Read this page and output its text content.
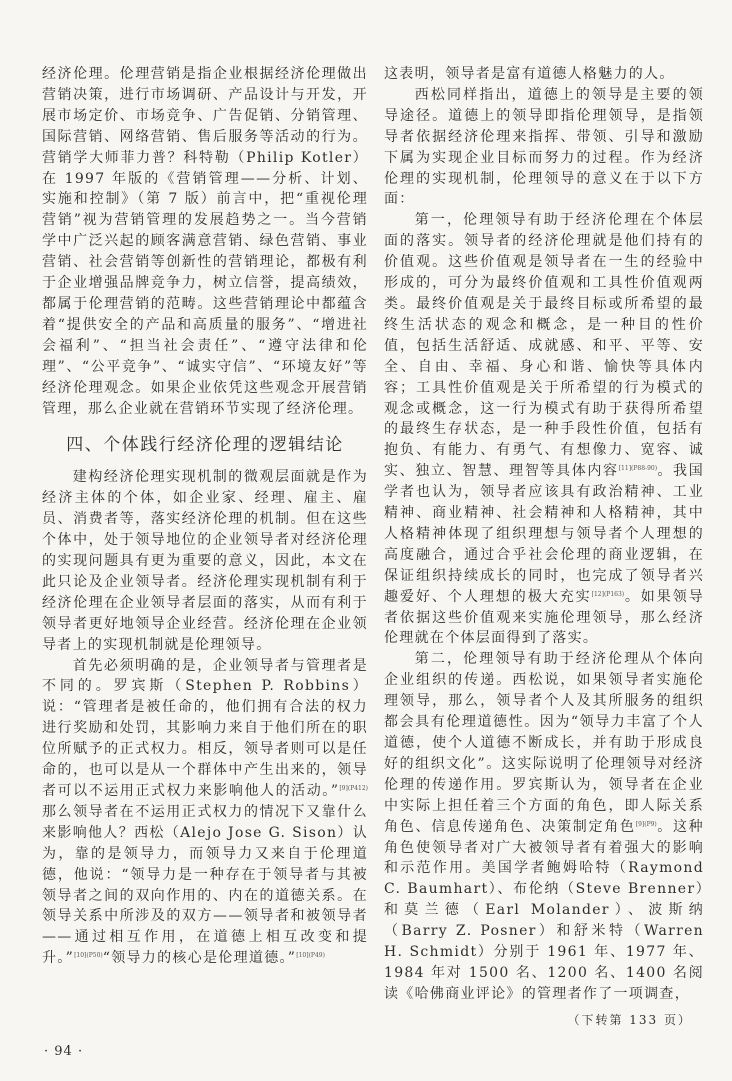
经济伦理。伦理营销是指企业根据经济伦理做出营销决策，进行市场调研、产品设计与开发，开展市场定价、市场竞争、广告促销、分销管理、国际营销、网络营销、售后服务等活动的行为。营销学大师菲力普？科特勒（Philip Kotler）在 1997 年版的《营销管理——分析、计划、实施和控制》（第 7 版）前言中，把“重视伦理营销”视为营销管理的发展趋势之一。当今营销学中广泛兴起的顾客满意营销、绿色营销、事业营销、社会营销等创新性的营销理论，都极有利于企业增强品牌竞争力，树立信誉，提高绩效，都属于伦理营销的范畴。这些营销理论中都蕴含着“提供安全的产品和高质量的服务”、“增进社会福利”、“担当社会责任”、“遵守法律和伦理”、“公平竞争”、“诚实守信”、“环境友好”等经济伦理观念。如果企业依凭这些观念开展营销管理，那么企业就在营销环节实现了经济伦理。

四、个体践行经济伦理的逻辑结论

建构经济伦理实现机制的微观层面就是作为经济主体的个体，如企业家、经理、雇主、雇员、消费者等，落实经济伦理的机制。但在这些个体中，处于领导地位的企业领导者对经济伦理的实现问题具有更为重要的意义，因此，本文在此只论及企业领导者。经济伦理实现机制有利于经济伦理在企业领导者层面的落实，从而有利于领导者更好地领导企业经营。经济伦理在企业领导者上的实现机制就是伦理领导。

首先必须明确的是，企业领导者与管理者是不同的。罗宾斯（Stephen P. Robbins）说：“管理者是被任命的，他们拥有合法的权力进行奖励和处罚，其影响力来自于他们所在的职位所赋予的正式权力。相反，领导者则可以是任命的，也可以是从一个群体中产生出来的，领导者可以不运用正式权力来影响他人的活动。”$^{[9](P412)}$那么领导者在不运用正式权力的情况下又靠什么来影响他人？西松（Alejo Jose G. Sison）认为，靠的是领导力，而领导力又来自于伦理道德，他说：“领导力是一种存在于领导者与其被领导者之间的双向作用的、内在的道德关系。在领导关系中所涉及的双方——领导者和被领导者——通过相互作用，在道德上相互改变和提升。”$^{[10](P50)}$“领导力的核心是伦理道德。”$^{[10](P49)}$

这表明，领导者是富有道德人格魅力的人。

西松同样指出，道德上的领导是主要的领导途径。道德上的领导即指伦理领导，是指领导者依据经济伦理来指挥、带领、引导和激励下属为实现企业目标而努力的过程。作为经济伦理的实现机制，伦理领导的意义在于以下方面：

第一，伦理领导有助于经济伦理在个体层面的落实。领导者的经济伦理就是他们持有的价值观。这些价值观是领导者在一生的经验中形成的，可分为最终价值观和工具性价值观两类。最终价值观是关于最终目标或所希望的最终生活状态的观念和概念，是一种目的性价值，包括生活舒适、成就感、和平、平等、安全、自由、幸福、身心和谐、愉快等具体内容；工具性价值观是关于所希望的行为模式的观念或概念，这一行为模式有助于获得所希望的最终生存状态，是一种手段性价值，包括有抱负、有能力、有勇气、有想像力、宽容、诚实、独立、智慧、理智等具体内容$^{[11](P88-90)}$。我国学者也认为，领导者应该具有政治精神、工业精神、商业精神、社会精神和人格精神，其中人格精神体现了组织理想与领导者个人理想的高度融合，通过合乎社会伦理的商业逻辑，在保证组织持续成长的同时，也完成了领导者兴趣爱好、个人理想的极大充实$^{[12](P163)}$。如果领导者依据这些价值观来实施伦理领导，那么经济伦理就在个体层面得到了落实。

第二，伦理领导有助于经济伦理从个体向企业组织的传递。西松说，如果领导者实施伦理领导，那么，领导者个人及其所服务的组织都会具有伦理道德性。因为“领导力丰富了个人道德，使个人道德不断成长，并有助于形成良好的组织文化”。这实际说明了伦理领导对经济伦理的传递作用。罗宾斯认为，领导者在企业中实际上担任着三个方面的角色，即人际关系角色、信息传递角色、决策制定角色$^{[9](P9)}$。这种角色使领导者对广大被领导者有着强大的影响和示范作用。美国学者鲍姆哈特（Raymond C. Baumhart）、布伦纳（Steve Brenner）和莫兰德（Earl Molander）、波斯纳（Barry Z. Posner）和舒米特（Warren H. Schmidt）分别于 1961 年、1977 年、1984 年对 1500 名、1200 名、1400 名阅读《哈佛商业评论》的管理者作了一项调查，

（下转第 133 页）
· 94 ·
